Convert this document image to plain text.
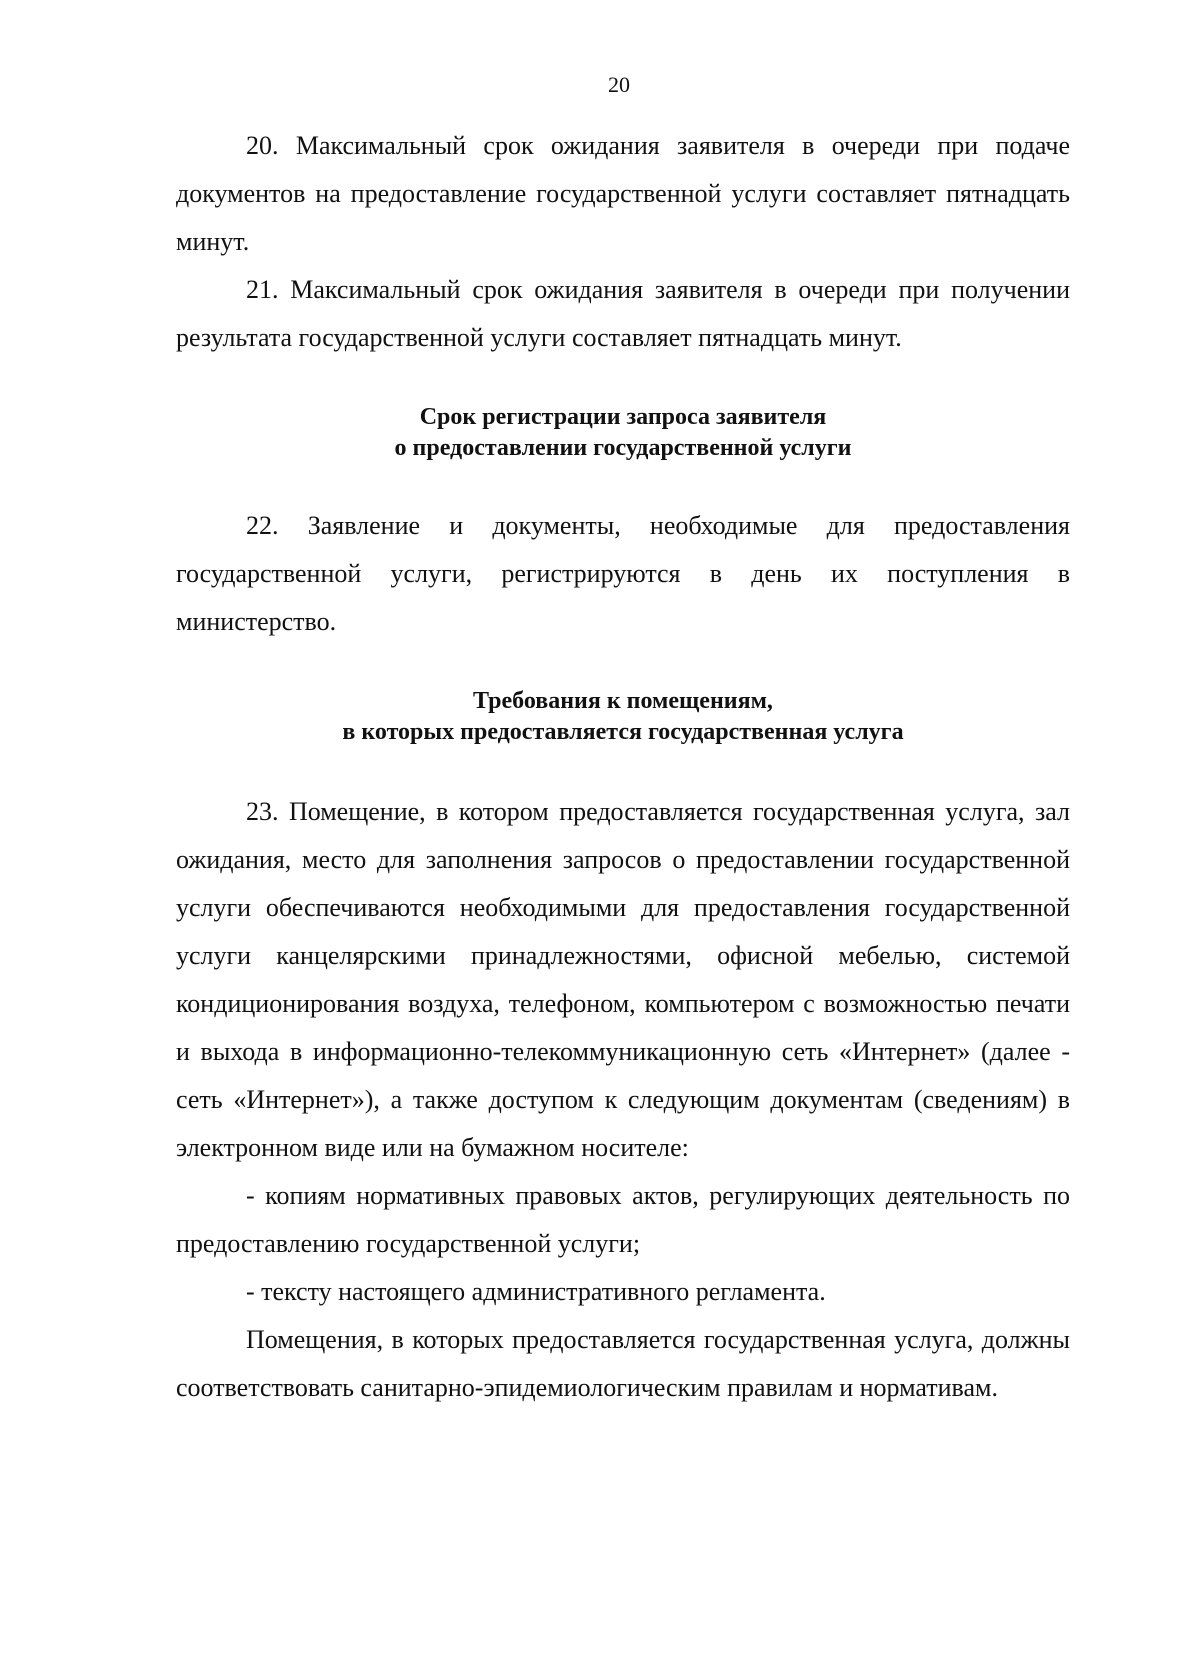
20

20. Максимальный срок ожидания заявителя в очереди при подаче документов на предоставление государственной услуги составляет пятнадцать минут.

21. Максимальный срок ожидания заявителя в очереди при получении результата государственной услуги составляет пятнадцать минут.

Срок регистрации запроса заявителя
о предоставлении государственной услуги

22. Заявление и документы, необходимые для предоставления государственной услуги, регистрируются в день их поступления в министерство.

Требования к помещениям,
в которых предоставляется государственная услуга

23. Помещение, в котором предоставляется государственная услуга, зал ожидания, место для заполнения запросов о предоставлении государственной услуги обеспечиваются необходимыми для предоставления государственной услуги канцелярскими принадлежностями, офисной мебелью, системой кондиционирования воздуха, телефоном, компьютером с возможностью печати и выхода в информационно-телекоммуникационную сеть «Интернет» (далее - сеть «Интернет»), а также доступом к следующим документам (сведениям) в электронном виде или на бумажном носителе:

- копиям нормативных правовых актов, регулирующих деятельность по предоставлению государственной услуги;

- тексту настоящего административного регламента.

Помещения, в которых предоставляется государственная услуга, должны соответствовать санитарно-эпидемиологическим правилам и нормативам.
